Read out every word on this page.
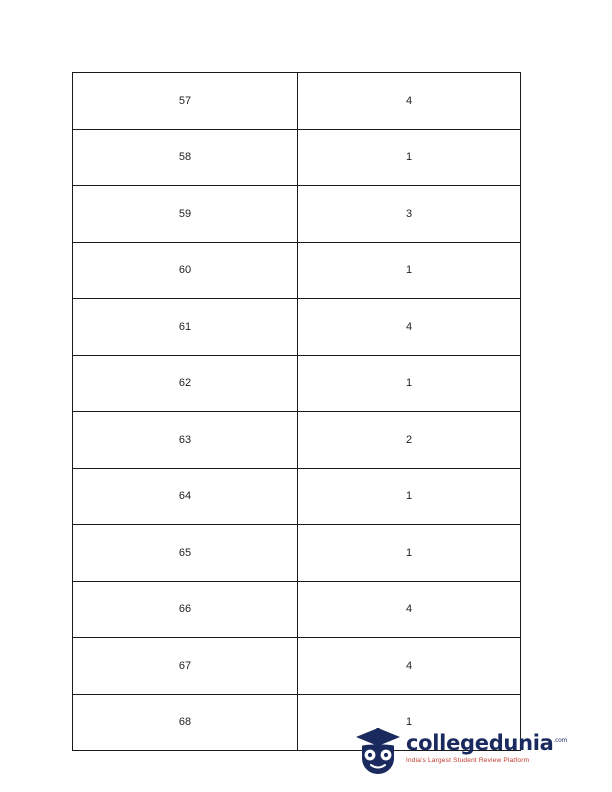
57	4
58	1
59	3
60	1
61	4
62	1
63	2
64	1
65	1
66	4
67	4
68	1
collegedunia$^{.com}$
India's Largest Student Review Platform
